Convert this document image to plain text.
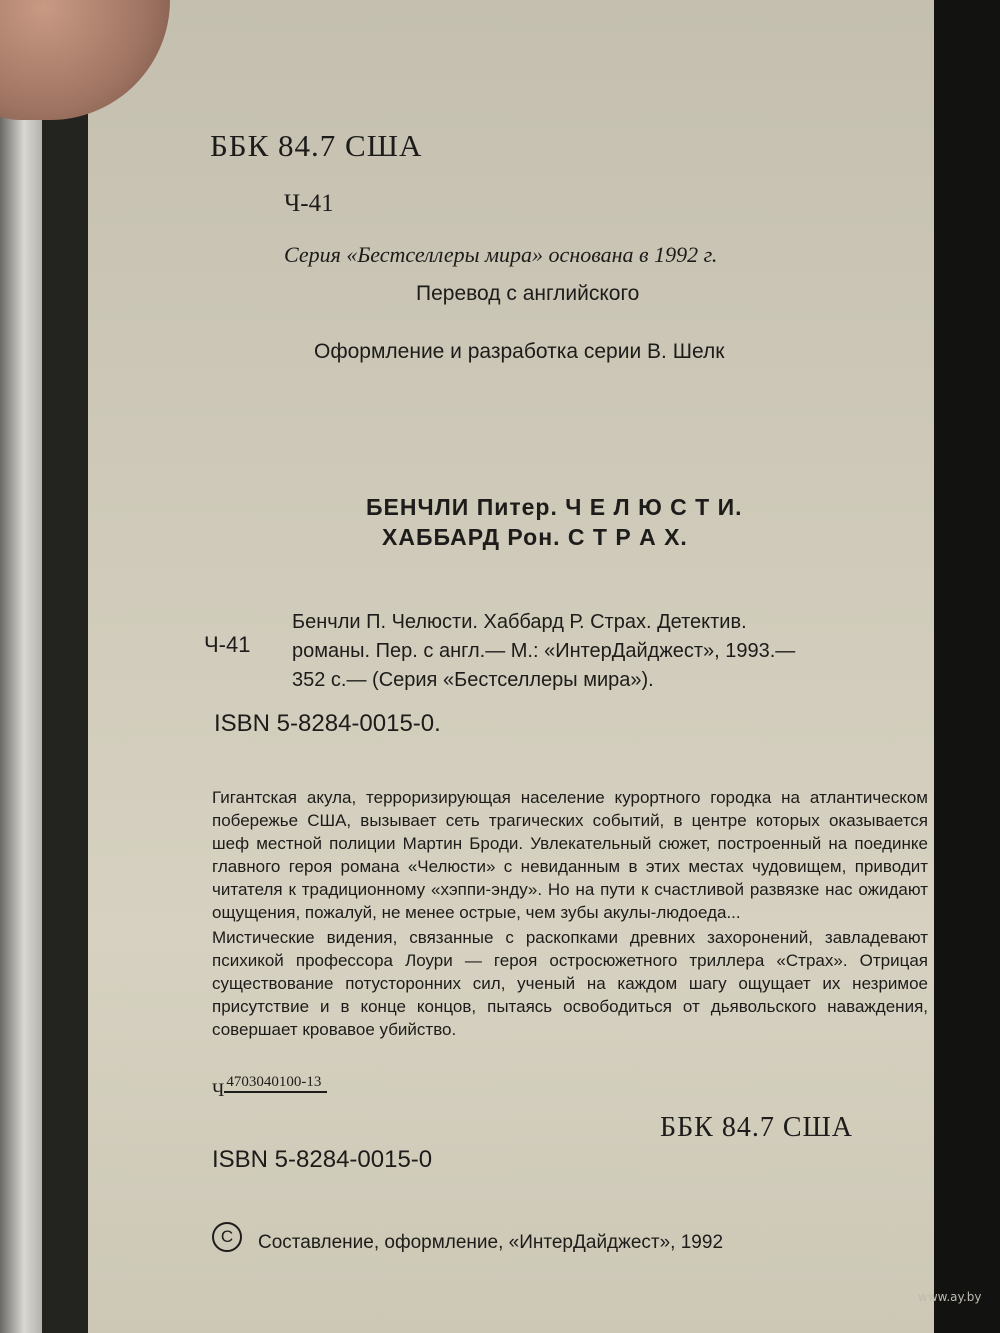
ББК 84.7 США
Ч-41
Серия «Бестселлеры мира» основана в 1992 г.
Перевод с английского
Оформление и разработка серии В. Шелк
БЕНЧЛИ Питер. Ч Е Л Ю С Т И.
ХАББАРД Рон. С Т Р А Х.
Ч-41
Бенчли П. Челюсти. Хаббард Р. Страх. Детектив.
романы. Пер. с англ.— М.: «ИнтерДайджест», 1993.—
352 с.— (Серия «Бестселлеры мира»).
ISBN 5-8284-0015-0.

Гигантская акула, терроризирующая население курортного городка на атлантическом побережье США, вызывает сеть трагических событий, в центре которых оказывается шеф местной полиции Мартин Броди. Увлекательный сюжет, построенный на поединке главного героя романа «Челюсти» с невиданным в этих местах чудовищем, приводит читателя к традиционному «хэппи-энду». Но на пути к счастливой развязке нас ожидают ощущения, пожалуй, не менее острые, чем зубы акулы-людоеда...

Мистические видения, связанные с раскопками древних захоронений, завладевают психикой профессора Лоури — героя остросюжетного триллера «Страх». Отрицая существование потусторонних сил, ученый на каждом шагу ощущает их незримое присутствие и в конце концов, пытаясь освободиться от дьявольского наваждения, совершает кровавое убийство.

Ч 4703040100-13
ББК 84.7 США
ISBN 5-8284-0015-0
C	Составление, оформление, «ИнтерДайджест», 1992
www.ay.by
